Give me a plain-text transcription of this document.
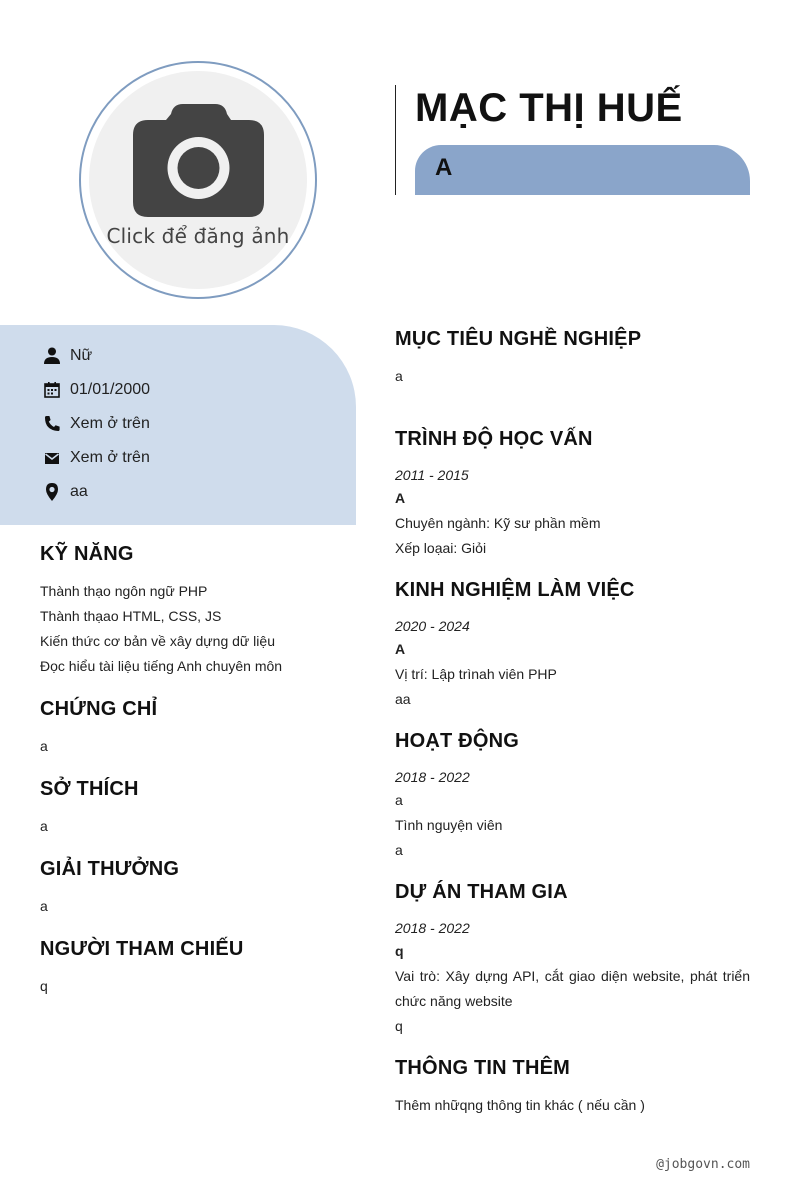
Click để đăng ảnh
MẠC THỊ HUẾ
A
Nữ
01/01/2000
Xem ở trên
Xem ở trên
aa
KỸ NĂNG
Thành thạo ngôn ngữ PHP
Thành thạao HTML, CSS, JS
Kiến thức cơ bản về xây dựng dữ liệu
Đọc hiểu tài liệu tiếng Anh chuyên môn
CHỨNG CHỈ
a
SỞ THÍCH
a
GIẢI THƯỞNG
a
NGƯỜI THAM CHIẾU
q
MỤC TIÊU NGHỀ NGHIỆP
a
TRÌNH ĐỘ HỌC VẤN
2011 - 2015
A
Chuyên ngành: Kỹ sư phần mềm
Xếp loạai: Giỏi
KINH NGHIỆM LÀM VIỆC
2020 - 2024
A
Vị trí: Lập trìnah viên PHP
aa
HOẠT ĐỘNG
2018 - 2022
a
Tình nguyện viên
a
DỰ ÁN THAM GIA
2018 - 2022
q
Vai trò: Xây dựng API, cắt giao diện website, phát triển chức năng website
q
THÔNG TIN THÊM
Thêm nhữqng thông tin khác ( nếu cần )
@jobgovn.com
